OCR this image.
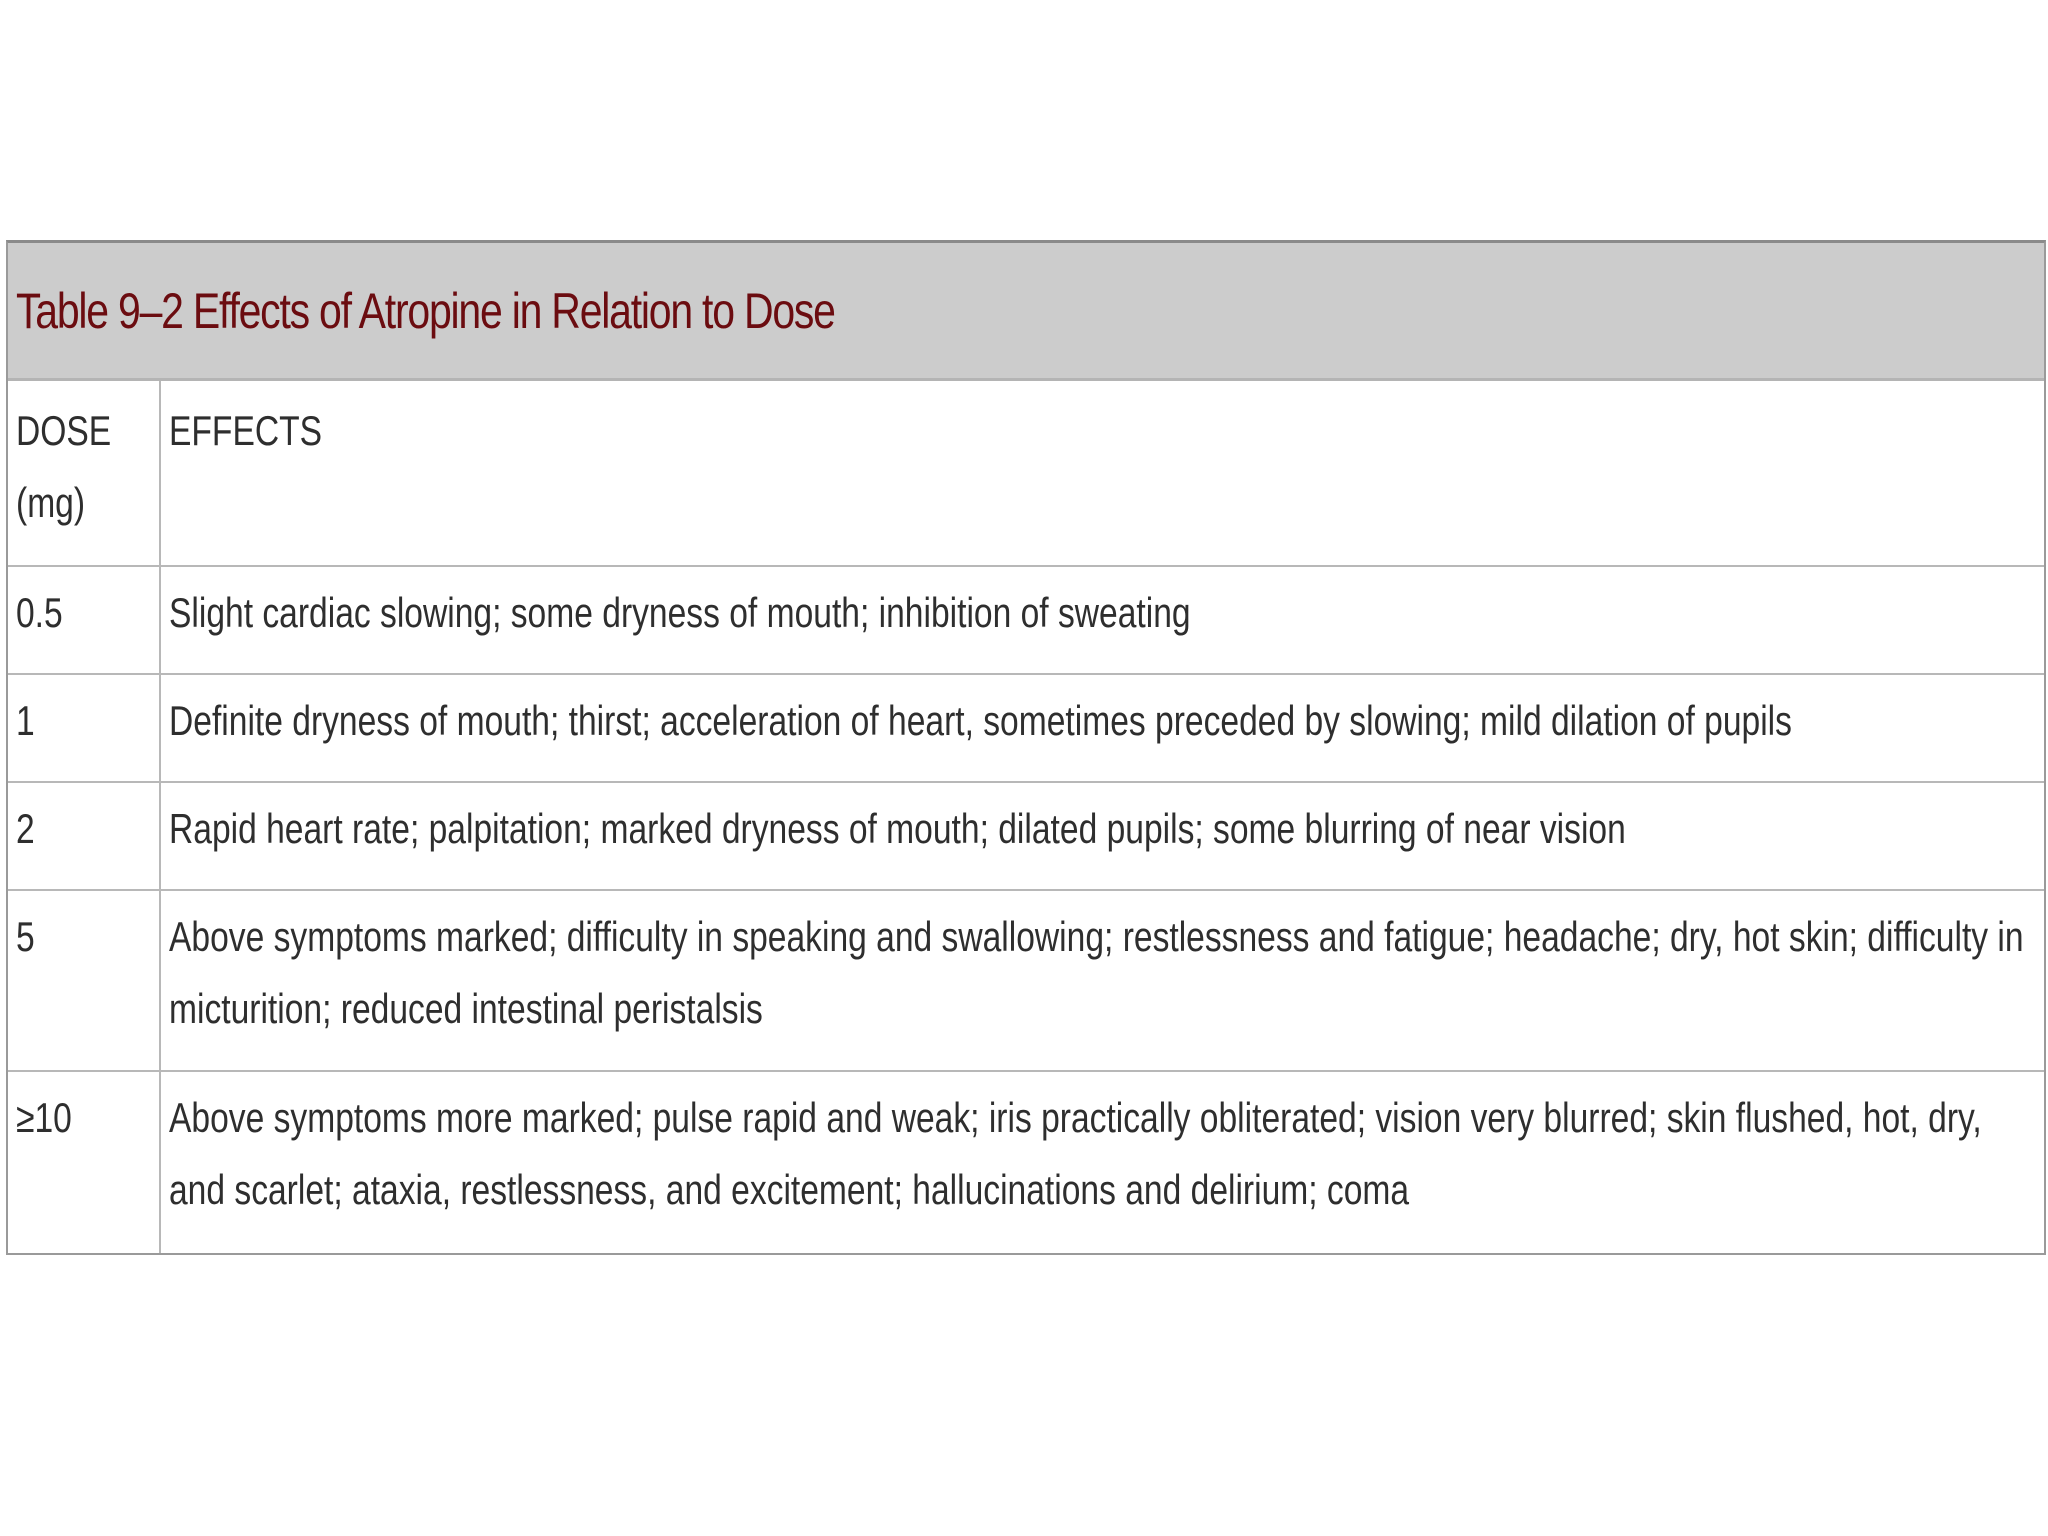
Table 9–2 Effects of Atropine in Relation to Dose
DOSE (mg)	EFFECTS
0.5	Slight cardiac slowing; some dryness of mouth; inhibition of sweating
1	Definite dryness of mouth; thirst; acceleration of heart, sometimes preceded by slowing; mild dilation of pupils
2	Rapid heart rate; palpitation; marked dryness of mouth; dilated pupils; some blurring of near vision
5	Above symptoms marked; difficulty in speaking and swallowing; restlessness and fatigue; headache; dry, hot skin; difficulty in micturition; reduced intestinal peristalsis
≥10	Above symptoms more marked; pulse rapid and weak; iris practically obliterated; vision very blurred; skin flushed, hot, dry, and scarlet; ataxia, restlessness, and excitement; hallucinations and delirium; coma
